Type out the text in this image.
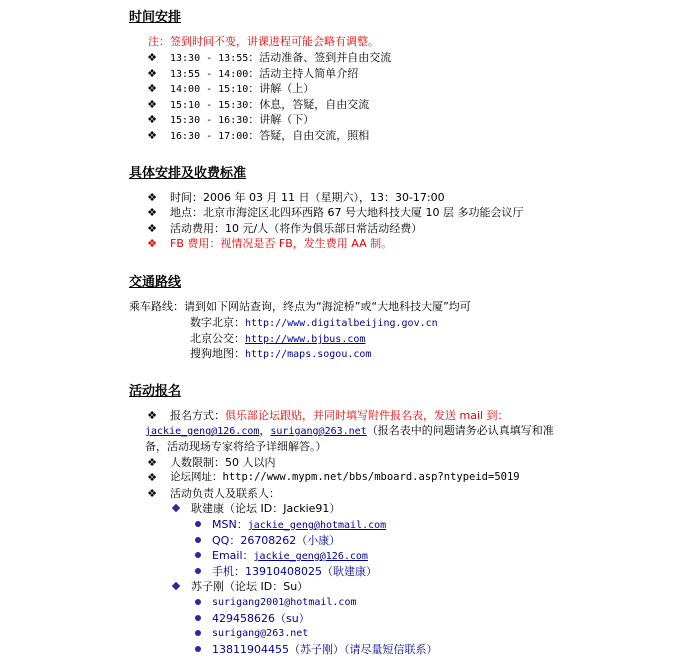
时间安排
注：签到时间不变，讲课进程可能会略有调整。
❖ 13:30 - 13:55：活动准备、签到并自由交流
❖ 13:55 - 14:00：活动主持人简单介绍
❖ 14:00 - 15:10：讲解（上）
❖ 15:10 - 15:30：休息，答疑，自由交流
❖ 15:30 - 16:30：讲解（下）
❖ 16:30 - 17:00：答疑，自由交流，照相
具体安排及收费标准
❖ 时间：2006 年 03 月 11 日（星期六），13：30-17:00
❖ 地点：北京市海淀区北四环西路 67 号大地科技大厦 10 层 多功能会议厅
❖ 活动费用：10 元/人（将作为俱乐部日常活动经费）
❖ FB 费用：视情况是否 FB，发生费用 AA 制。
交通路线
乘车路线：请到如下网站查询，终点为“海淀桥”或“大地科技大厦”均可
数字北京：http://www.digitalbeijing.gov.cn
北京公交：http://www.bjbus.com
搜狗地图：http://maps.sogou.com
活动报名
❖ 报名方式：俱乐部论坛跟贴，并同时填写附件报名表，发送 mail 到：
jackie_geng@126.com，surigang@263.net（报名表中的问题请务必认真填写和准
备，活动现场专家将给予详细解答。）
❖ 人数限制：50 人以内
❖ 论坛网址：http://www.mypm.net/bbs/mboard.asp?ntypeid=5019
❖ 活动负责人及联系人：
耿建康（论坛 ID：Jackie91）
MSN：jackie_geng@hotmail.com
QQ：26708262（小康）
Email：jackie_geng@126.com
手机：13910408025（耿建康）
苏子刚（论坛 ID：Su）
surigang2001@hotmail.com
429458626（su）
surigang@263.net
13811904455（苏子刚）（请尽量短信联系）
